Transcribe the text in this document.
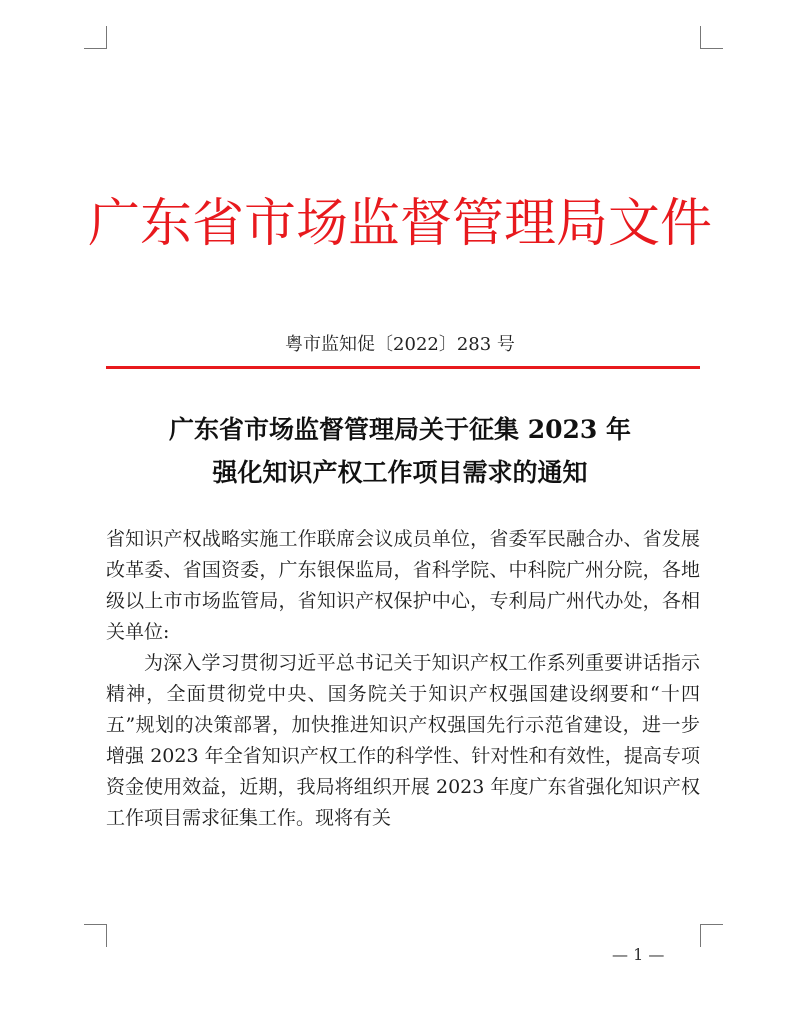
广东省市场监督管理局文件
粤市监知促〔2022〕283 号
广东省市场监督管理局关于征集 2023 年
强化知识产权工作项目需求的通知

省知识产权战略实施工作联席会议成员单位，省委军民融合办、省发展改革委、省国资委，广东银保监局，省科学院、中科院广州分院，各地级以上市市场监管局，省知识产权保护中心，专利局广州代办处，各相关单位:

为深入学习贯彻习近平总书记关于知识产权工作系列重要讲话指示精神，全面贯彻党中央、国务院关于知识产权强国建设纲要和“十四五”规划的决策部署，加快推进知识产权强国先行示范省建设，进一步增强 2023 年全省知识产权工作的科学性、针对性和有效性，提高专项资金使用效益，近期，我局将组织开展 2023 年度广东省强化知识产权工作项目需求征集工作。现将有关

— 1 —
